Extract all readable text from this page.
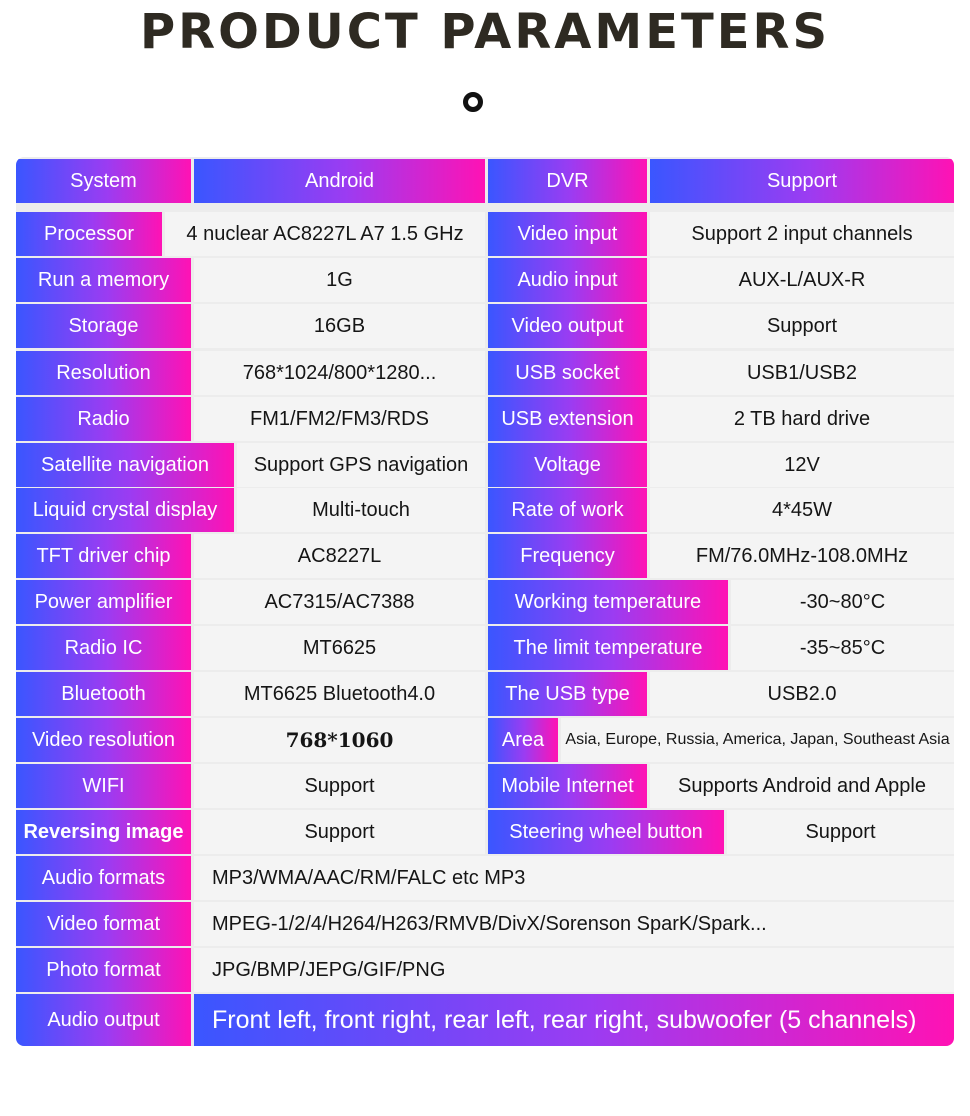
PRODUCT PARAMETERS
System	Android	DVR	Support
Processor	4 nuclear AC8227L A7 1.5 GHz	Video input	Support 2 input channels
Run a memory	1G	Audio input	AUX-L/AUX-R
Storage	16GB	Video output	Support
Resolution	768*1024/800*1280...	USB socket	USB1/USB2
Radio	FM1/FM2/FM3/RDS	USB extension	2 TB hard drive
Satellite navigation	Support GPS navigation	Voltage	12V
Liquid crystal display	Multi-touch	Rate of work	4*45W
TFT driver chip	AC8227L	Frequency	FM/76.0MHz-108.0MHz
Power amplifier	AC7315/AC7388	Working temperature	-30~80°C
Radio IC	MT6625	The limit temperature	-35~85°C
Bluetooth	MT6625 Bluetooth4.0	The USB type	USB2.0
Video resolution	768*1060	Area	Asia, Europe, Russia, America, Japan, Southeast Asia
WIFI	Support	Mobile Internet	Supports Android and Apple
Reversing image	Support	Steering wheel button	Support
Audio formats	MP3/WMA/AAC/RM/FALC etc MP3
Video format	MPEG-1/2/4/H264/H263/RMVB/DivX/Sorenson SparK/Spark...
Photo format	JPG/BMP/JEPG/GIF/PNG
Audio output	Front left, front right, rear left, rear right, subwoofer (5 channels)
